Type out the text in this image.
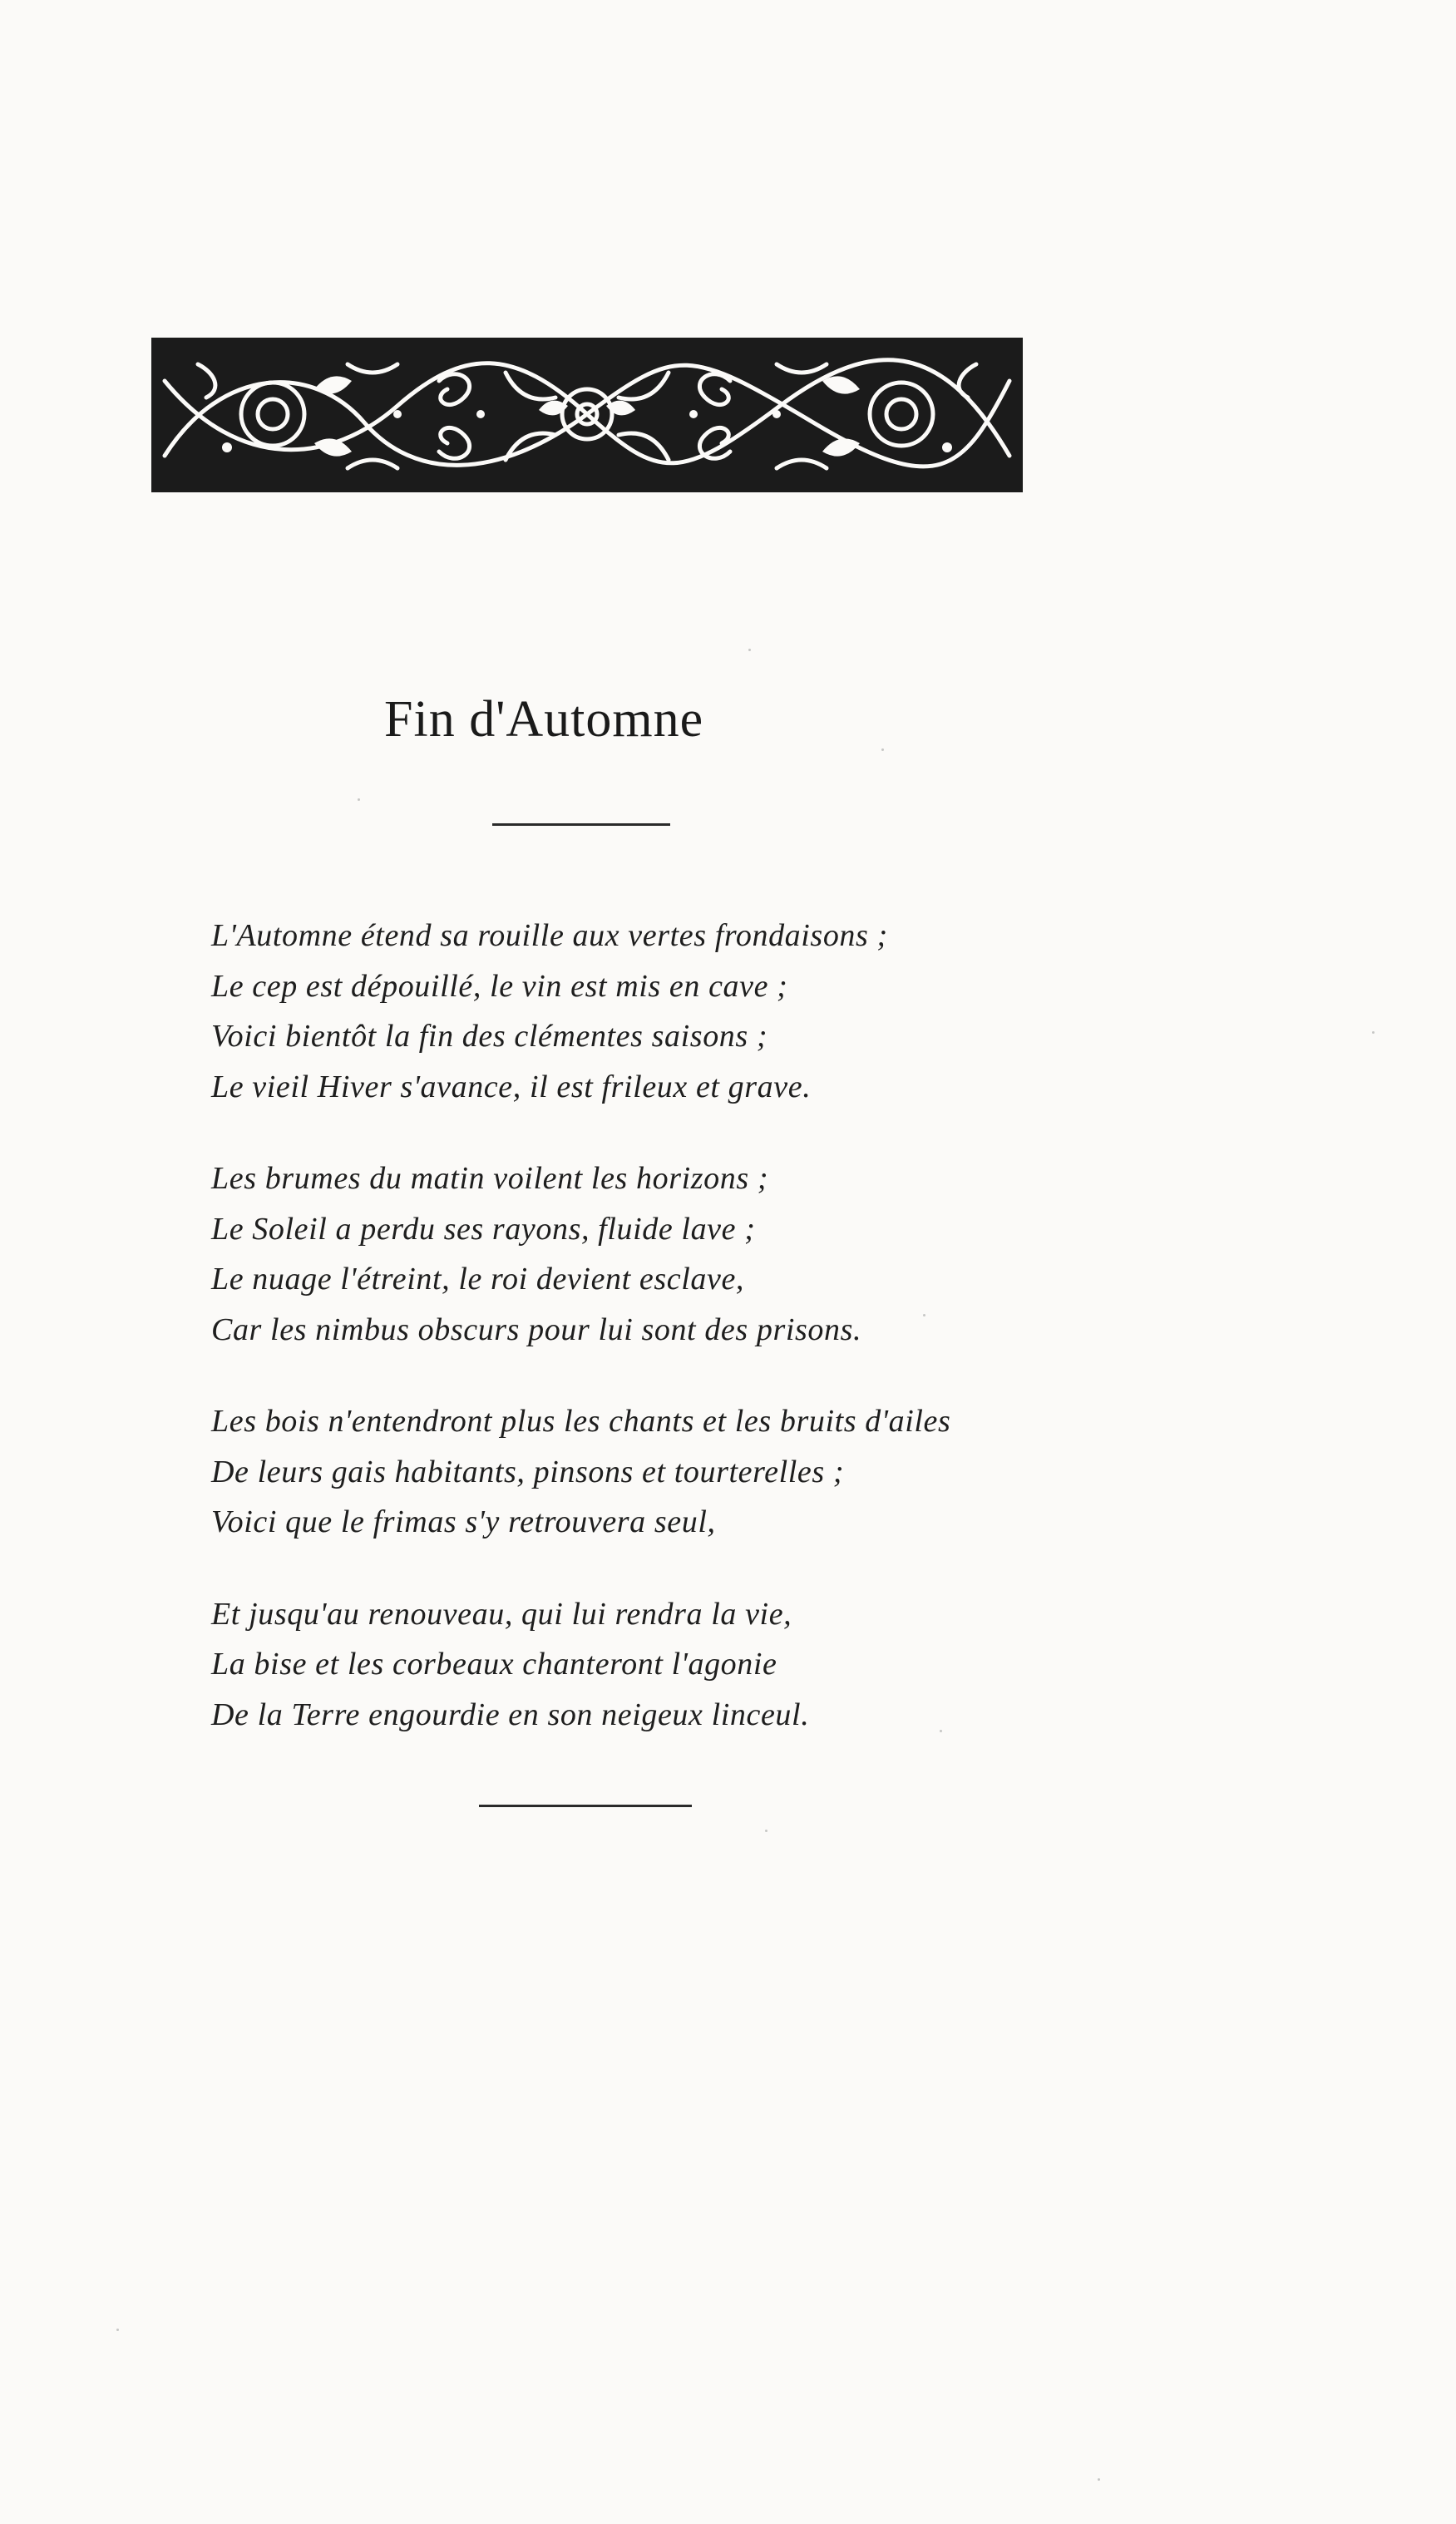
Fin d'Automne
L'Automne étend sa rouille aux vertes frondaisons ;
Le cep est dépouillé, le vin est mis en cave ;
Voici bientôt la fin des clémentes saisons ;
Le vieil Hiver s'avance, il est frileux et grave.
Les brumes du matin voilent les horizons ;
Le Soleil a perdu ses rayons, fluide lave ;
Le nuage l'étreint, le roi devient esclave,
Car les nimbus obscurs pour lui sont des prisons.
Les bois n'entendront plus les chants et les bruits d'ailes
De leurs gais habitants, pinsons et tourterelles ;
Voici que le frimas s'y retrouvera seul,
Et jusqu'au renouveau, qui lui rendra la vie,
La bise et les corbeaux chanteront l'agonie
De la Terre engourdie en son neigeux linceul.
